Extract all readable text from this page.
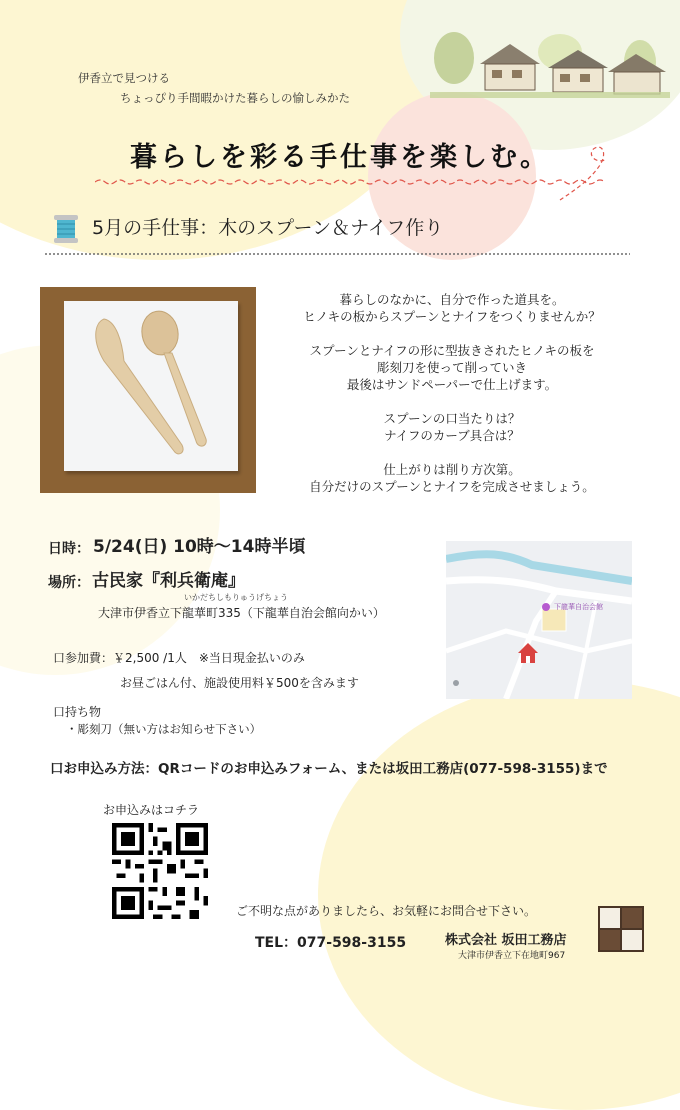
伊香立で見つける
ちょっぴり手間暇かけた暮らしの愉しみかた
暮らしを彩る手仕事を楽しむ。
5月の手仕事：木のスプーン＆ナイフ作り

暮らしのなかに、自分で作った道具を。

ヒノキの板からスプーンとナイフをつくりませんか？

スプーンとナイフの形に型抜きされたヒノキの板を

彫刻刀を使って削っていき

最後はサンドペーパーで仕上げます。

スプーンの口当たりは？

ナイフのカーブ具合は？

仕上がりは削り方次第。

自分だけのスプーンとナイフを完成させましょう。

日時： 5/24(日) 10時～14時半頃
場所： 古民家『利兵衛庵』
いかだちしもりゅうげちょう
大津市伊香立下龍華町335（下龍華自治会館向かい）
口参加費：￥2,500 /1人　※当日現金払いのみ
お昼ごはん付、施設使用料￥500を含みます
口持ち物
・彫刻刀（無い方はお知らせ下さい）
口お申込み方法：QRコードのお申込みフォーム、または坂田工務店(077-598-3155)まで
下龍華自治会館
お申込みはコチラ
ご不明な点がありましたら、お気軽にお問合せ下さい。
TEL：077-598-3155	株式会社 坂田工務店
大津市伊香立下在地町967
